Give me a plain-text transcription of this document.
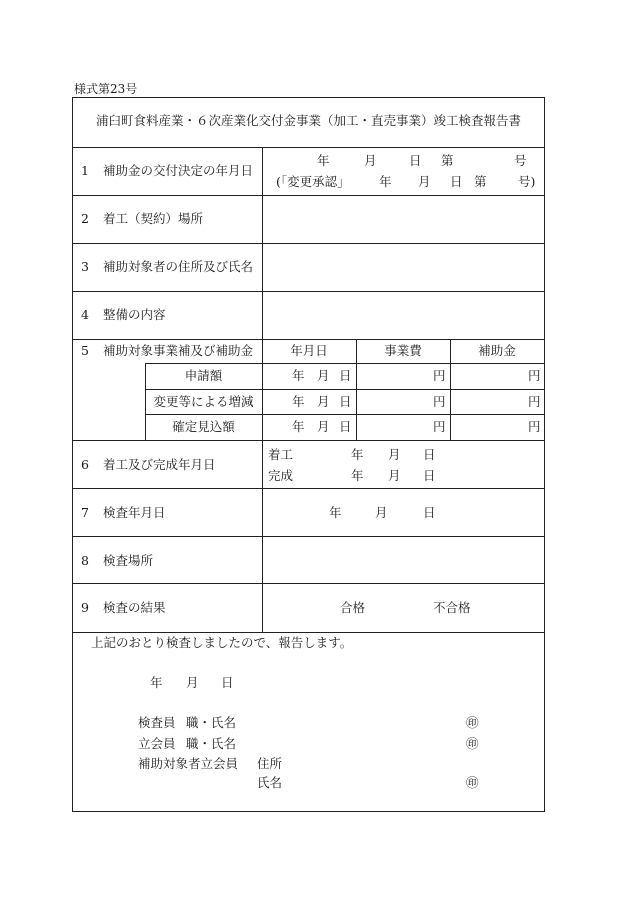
様式第23号
浦臼町食料産業・６次産業化交付金事業（加工・直売事業）竣工検査報告書
1 補助金の交付決定の年月日
年	月	日 第	号
(「変更承認」 年 月 日 第	号)
2 着工（契約）場所
3 補助対象者の住所及び氏名
4 整備の内容
5 補助対象事業補及び補助金	年月日	事業費	補助金
申請額	年 月 日	円	円
変更等による増減	年 月 日	円	円
確定見込額	年 月 日	円	円
6 着工及び完成年月日
着工	年 月 日
完成	年 月 日
7 検査年月日	年	月	日
8 検査場所
9 検査の結果	合格	不合格
上記のおとり検査しましたので、報告します。
年 月 日
検査員 職・氏名	㊞
立会員 職・氏名	㊞
補助対象者立会員 住所
氏名	㊞
